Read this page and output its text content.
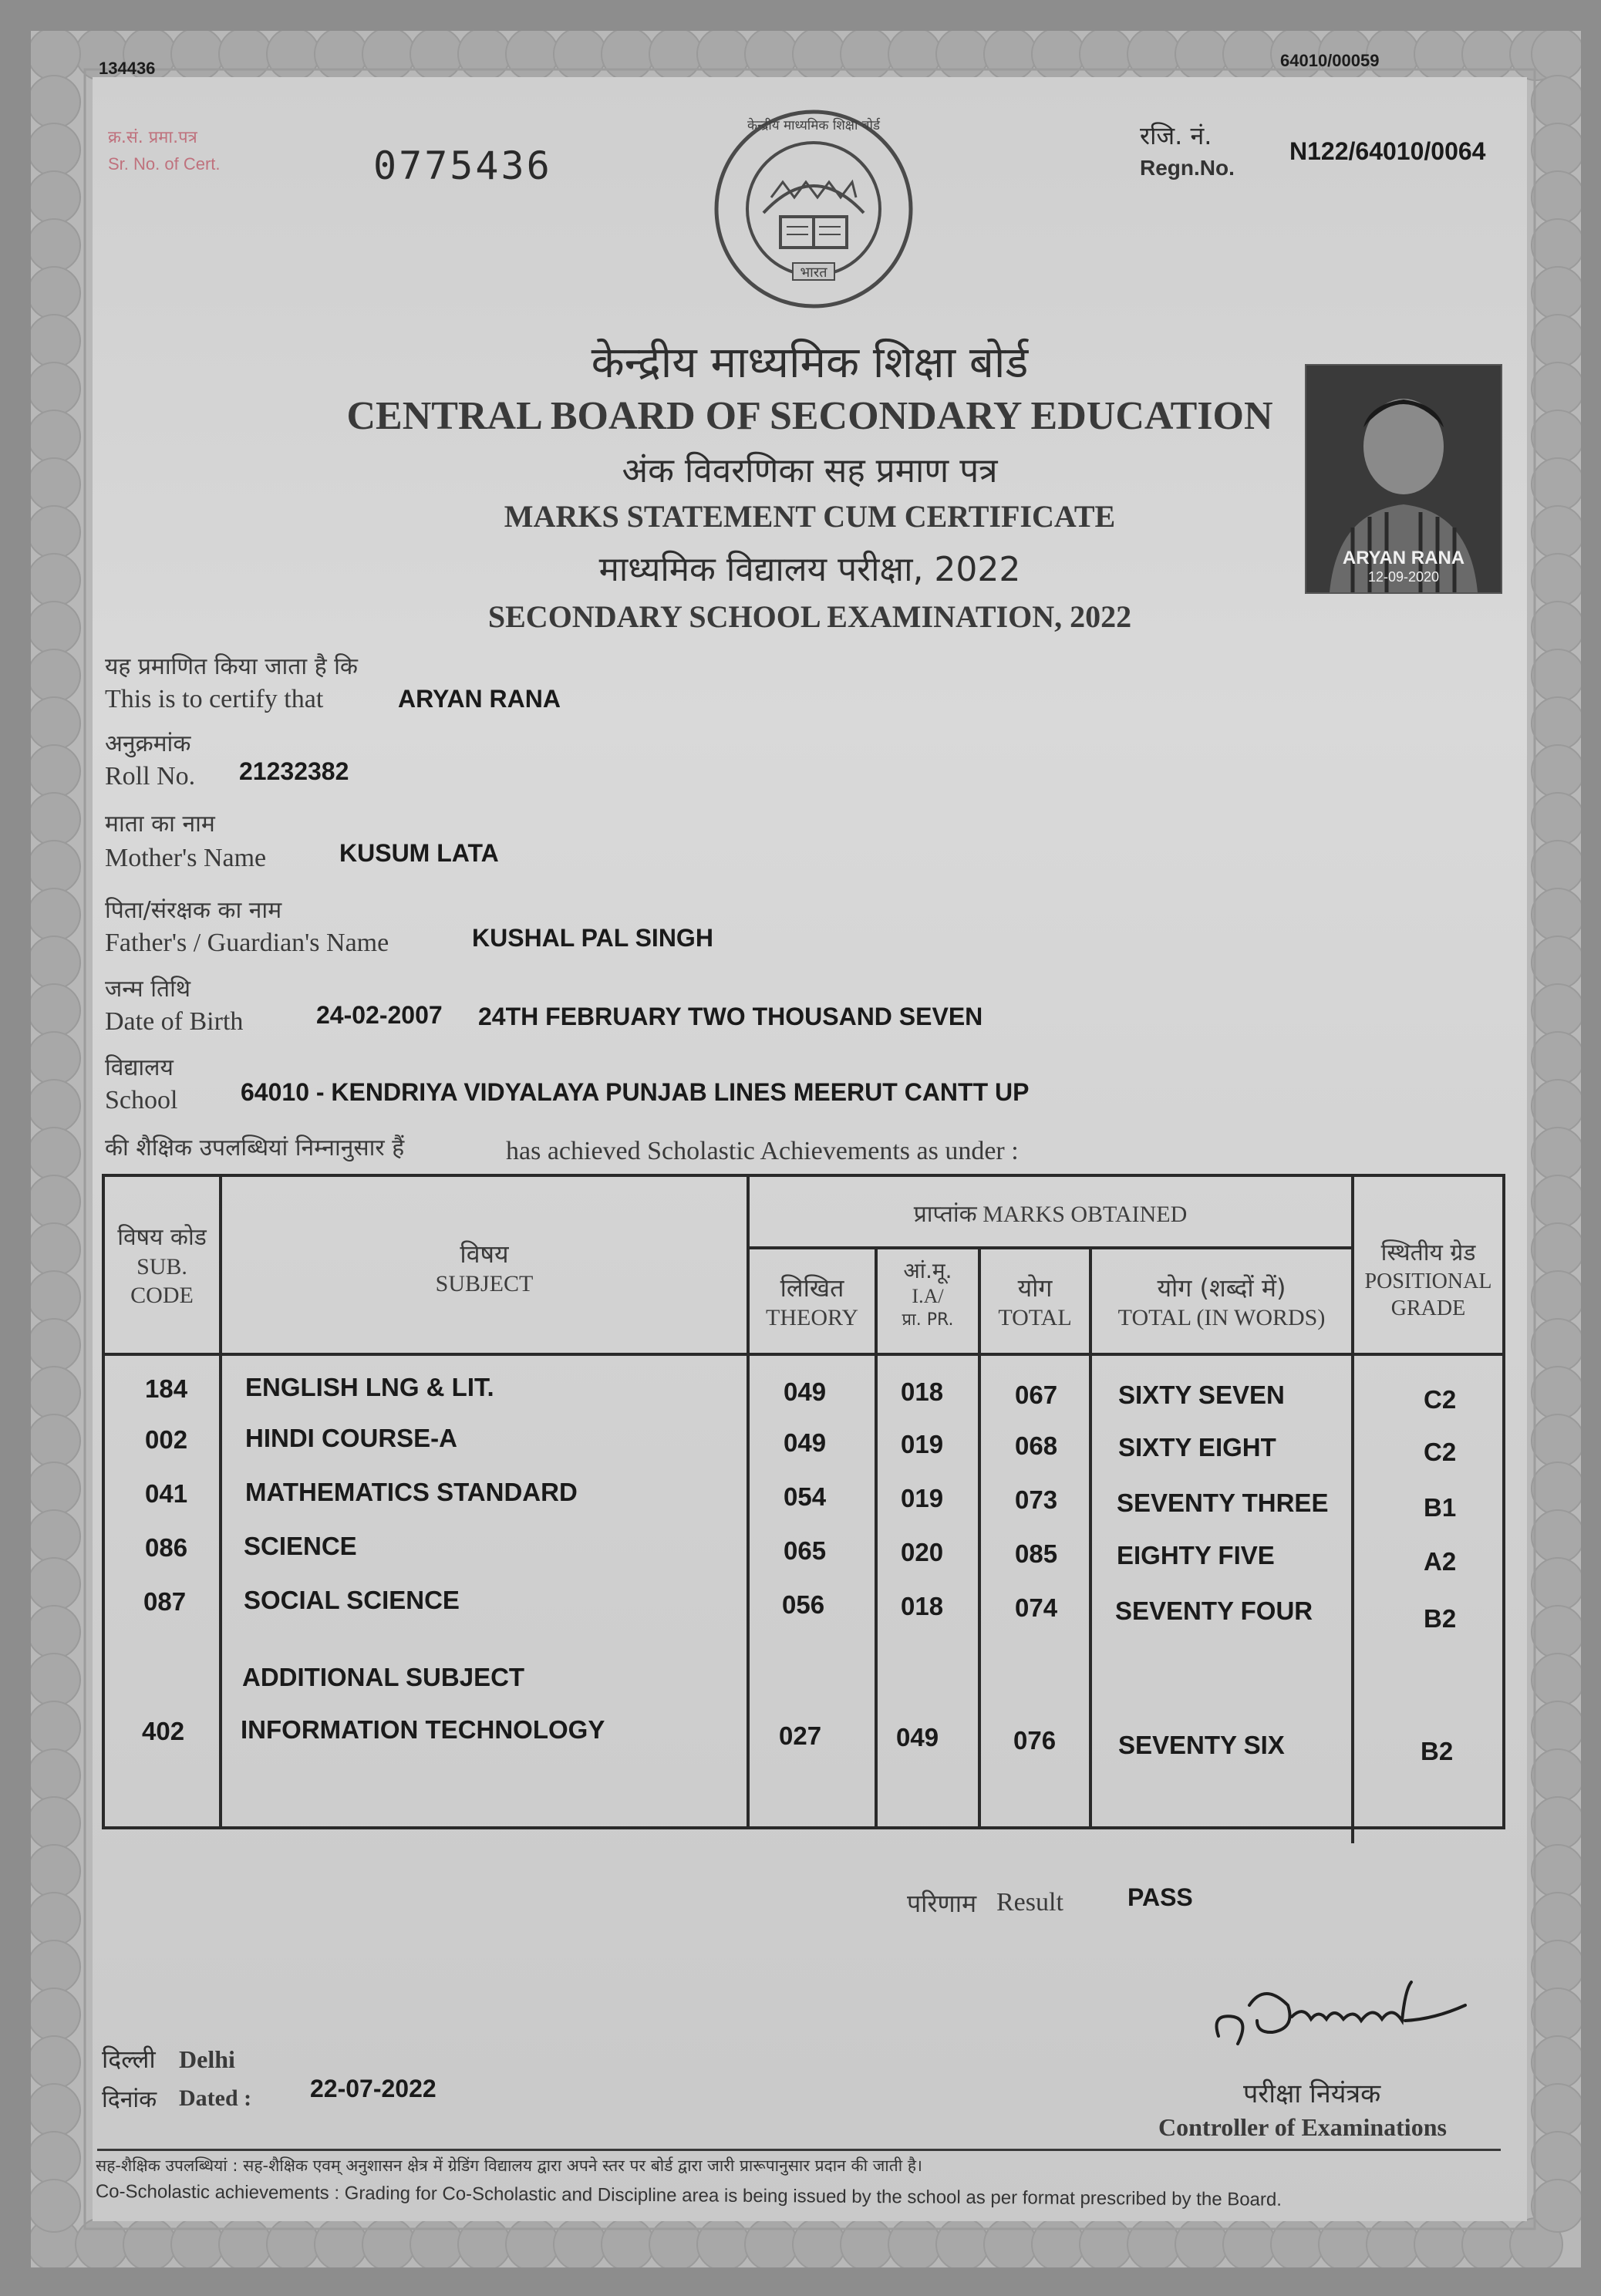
134436	64010/00059
क्र.सं. प्रमा.पत्र
Sr. No. of Cert.	0775436
केन्द्रीय माध्यमिक शिक्षा बोर्ड
भारत
रजि. नं.
Regn.No.
N122/64010/0064
केन्द्रीय माध्यमिक शिक्षा बोर्ड
CENTRAL BOARD OF SECONDARY EDUCATION
अंक विवरणिका सह प्रमाण पत्र
MARKS STATEMENT CUM CERTIFICATE
माध्यमिक विद्यालय परीक्षा, 2022
SECONDARY SCHOOL EXAMINATION, 2022
ARYAN RANA
12-09-2020
यह प्रमाणित किया जाता है कि
This is to certify that	ARYAN RANA
अनुक्रमांक
Roll No. 21232382
माता का नाम
Mother's Name	KUSUM LATA
पिता/संरक्षक का नाम
Father's / Guardian's Name	KUSHAL PAL SINGH
जन्म तिथि
Date of Birth	24-02-2007 24TH FEBRUARY TWO THOUSAND SEVEN
विद्यालय
School	64010 - KENDRIYA VIDYALAYA PUNJAB LINES MEERUT CANTT UP
की शैक्षिक उपलब्धियां निम्नानुसार हैं	has achieved Scholastic Achievements as under :
विषय कोड
SUB.
CODE
विषय
SUBJECT
प्राप्तांक MARKS OBTAINED
लिखित
THEORY
आं.मू.
I.A/
प्रा. PR.
योग
TOTAL
योग (शब्दों में)
TOTAL (IN WORDS)
स्थितीय ग्रेड
POSITIONAL
GRADE
184 ENGLISH LNG & LIT.	049	018	067 SIXTY SEVEN	C2
002 HINDI COURSE-A	049	019	068 SIXTY EIGHT	C2
041 MATHEMATICS STANDARD	054	019	073 SEVENTY THREE	B1
086 SCIENCE	065	020	085 EIGHTY FIVE	A2
087 SOCIAL SCIENCE	056	018	074 SEVENTY FOUR	B2
ADDITIONAL SUBJECT
402 INFORMATION TECHNOLOGY	027	049	076 SEVENTY SIX	B2
परिणाम Result	PASS
दिल्ली Delhi
दिनांक Dated : 22-07-2022	परीक्षा नियंत्रक
Controller of Examinations
सह-शैक्षिक उपलब्धियां : सह-शैक्षिक एवम् अनुशासन क्षेत्र में ग्रेडिंग विद्यालय द्वारा अपने स्तर पर बोर्ड द्वारा जारी प्रारूपानुसार प्रदान की जाती है।
Co-Scholastic achievements : Grading for Co-Scholastic and Discipline area is being issued by the school as per format prescribed by the Board.
